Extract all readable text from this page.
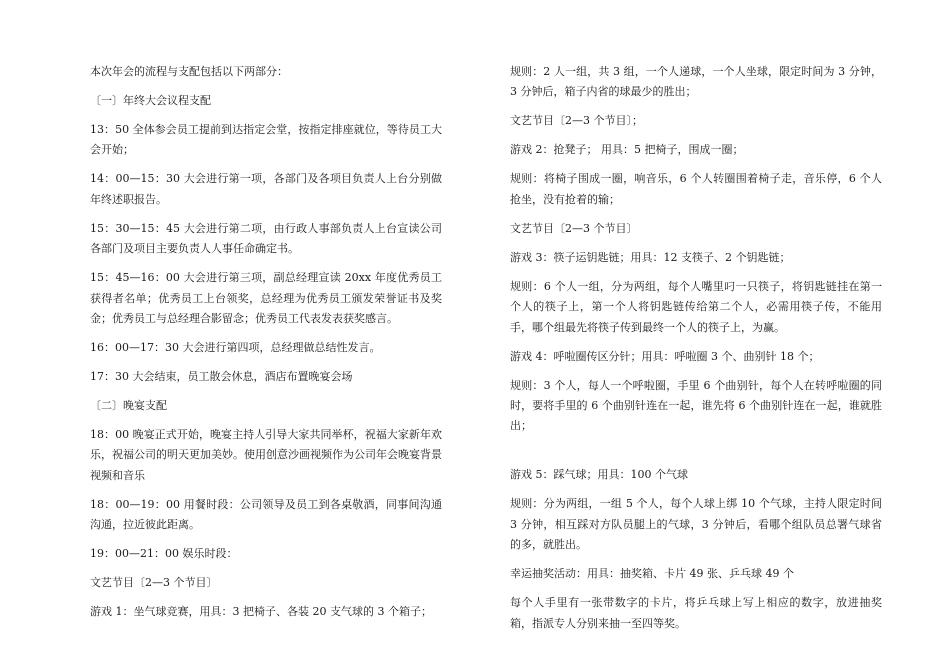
本次年会的流程与支配包括以下两部分：

〔一〕年终大会议程支配

13：50 全体参会员工提前到达指定会堂，按指定排座就位，等待员工大会开始；

14：00—15：30 大会进行第一项，各部门及各项目负责人上台分别做年终述职报告。

15：30—15：45 大会进行第二项，由行政人事部负责人上台宣读公司各部门及项目主要负责人人事任命确定书。

15：45—16：00 大会进行第三项，副总经理宣读 20xx 年度优秀员工获得者名单；优秀员工上台领奖，总经理为优秀员工颁发荣誉证书及奖金；优秀员工与总经理合影留念；优秀员工代表发表获奖感言。

16：00—17：30 大会进行第四项，总经理做总结性发言。

17：30 大会结束，员工散会休息，酒店布置晚宴会场

〔二〕晚宴支配

18：00 晚宴正式开始，晚宴主持人引导大家共同举杯，祝福大家新年欢乐，祝福公司的明天更加美妙。使用创意沙画视频作为公司年会晚宴背景视频和音乐

18：00—19：00 用餐时段：公司领导及员工到各桌敬酒，同事间沟通沟通，拉近彼此距离。

19：00—21：00 娱乐时段：

文艺节目〔2—3 个节目〕

游戏 1：坐气球竞赛，用具：3 把椅子、各装 20 支气球的 3 个箱子；

规则：2 人一组，共 3 组，一个人递球，一个人坐球，限定时间为 3 分钟，3 分钟后，箱子内省的球最少的胜出；

文艺节目〔2—3 个节目〕；

游戏 2：抢凳子； 用具：5 把椅子，围成一圈；

规则：将椅子围成一圈，响音乐，6 个人转圈围着椅子走，音乐停，6 个人抢坐，没有抢着的输；

文艺节目〔2—3 个节目〕

游戏 3：筷子运钥匙链；用具：12 支筷子、2 个钥匙链；

规则：6 个人一组，分为两组，每个人嘴里叼一只筷子，将钥匙链挂在第一个人的筷子上，第一个人将钥匙链传给第二个人，必需用筷子传，不能用手，哪个组最先将筷子传到最终一个人的筷子上，为赢。

游戏 4：呼啦圈传区分针；用具：呼啦圈 3 个、曲别针 18 个；

规则：3 个人，每人一个呼啦圈，手里 6 个曲别针，每个人在转呼啦圈的同时，要将手里的 6 个曲别针连在一起，谁先将 6 个曲别针连在一起，谁就胜出；

游戏 5：踩气球；用具：100 个气球

规则：分为两组，一组 5 个人，每个人球上绑 10 个气球，主持人限定时间 3 分钟，相互踩对方队员腿上的气球，3 分钟后，看哪个组队员总署气球省的多，就胜出。

幸运抽奖活动：用具：抽奖箱、卡片 49 张、乒乓球 49 个

每个人手里有一张带数字的卡片，将乒乓球上写上相应的数字，放进抽奖箱，指派专人分别来抽一至四等奖。
